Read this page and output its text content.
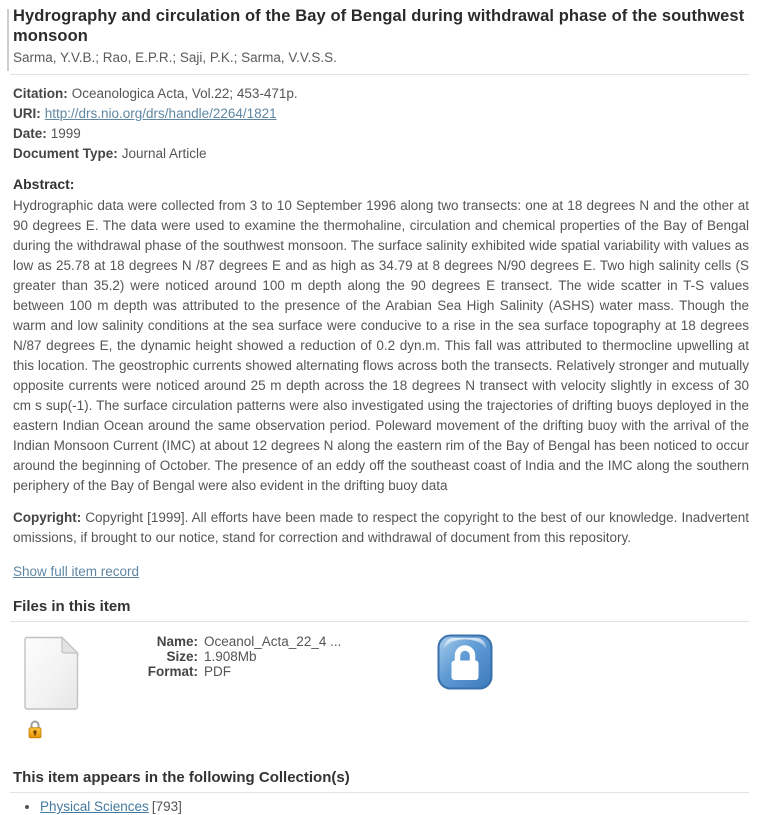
Hydrography and circulation of the Bay of Bengal during withdrawal phase of the southwest monsoon
Sarma, Y.V.B.; Rao, E.P.R.; Saji, P.K.; Sarma, V.V.S.S.
Citation: Oceanologica Acta, Vol.22; 453-471p.
URI: http://drs.nio.org/drs/handle/2264/1821
Date: 1999
Document Type: Journal Article
Abstract:

Hydrographic data were collected from 3 to 10 September 1996 along two transects: one at 18 degrees N and the other at 90 degrees E. The data were used to examine the thermohaline, circulation and chemical properties of the Bay of Bengal during the withdrawal phase of the southwest monsoon. The surface salinity exhibited wide spatial variability with values as low as 25.78 at 18 degrees N /87 degrees E and as high as 34.79 at 8 degrees N/90 degrees E. Two high salinity cells (S greater than 35.2) were noticed around 100 m depth along the 90 degrees E transect. The wide scatter in T-S values between 100 m depth was attributed to the presence of the Arabian Sea High Salinity (ASHS) water mass. Though the warm and low salinity conditions at the sea surface were conducive to a rise in the sea surface topography at 18 degrees N/87 degrees E, the dynamic height showed a reduction of 0.2 dyn.m. This fall was attributed to thermocline upwelling at this location. The geostrophic currents showed alternating flows across both the transects. Relatively stronger and mutually opposite currents were noticed around 25 m depth across the 18 degrees N transect with velocity slightly in excess of 30 cm s sup(-1). The surface circulation patterns were also investigated using the trajectories of drifting buoys deployed in the eastern Indian Ocean around the same observation period. Poleward movement of the drifting buoy with the arrival of the Indian Monsoon Current (IMC) at about 12 degrees N along the eastern rim of the Bay of Bengal has been noticed to occur around the beginning of October. The presence of an eddy off the southeast coast of India and the IMC along the southern periphery of the Bay of Bengal were also evident in the drifting buoy data

Copyright: Copyright [1999]. All efforts have been made to respect the copyright to the best of our knowledge. Inadvertent omissions, if brought to our notice, stand for correction and withdrawal of document from this repository.

Show full item record
Files in this item
Name: Oceanol_Acta_22_4 ...
Size: 1.908Mb
Format: PDF
This item appears in the following Collection(s)
• Physical Sciences [793]
